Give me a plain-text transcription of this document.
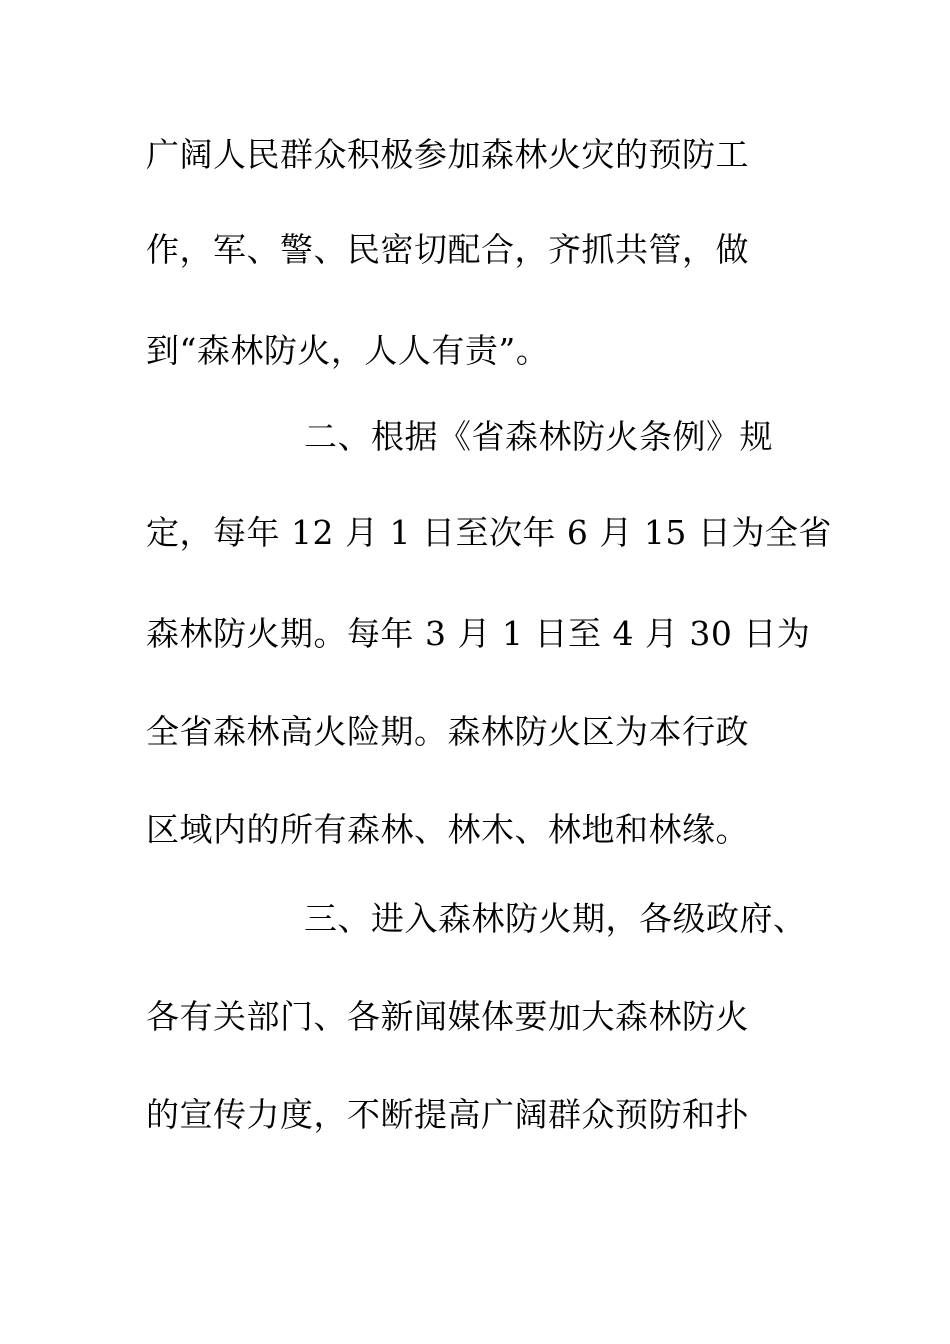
广阔人民群众积极参加森林火灾的预防工
作，军、警、民密切配合，齐抓共管，做
到“森林防火，人人有责”。
二、根据《省森林防火条例》规
定，每年 12 月 1 日至次年 6 月 15 日为全省
森林防火期。每年 3 月 1 日至 4 月 30 日为
全省森林高火险期。森林防火区为本行政
区域内的所有森林、林木、林地和林缘。
三、进入森林防火期，各级政府、
各有关部门、各新闻媒体要加大森林防火
的宣传力度，不断提高广阔群众预防和扑
